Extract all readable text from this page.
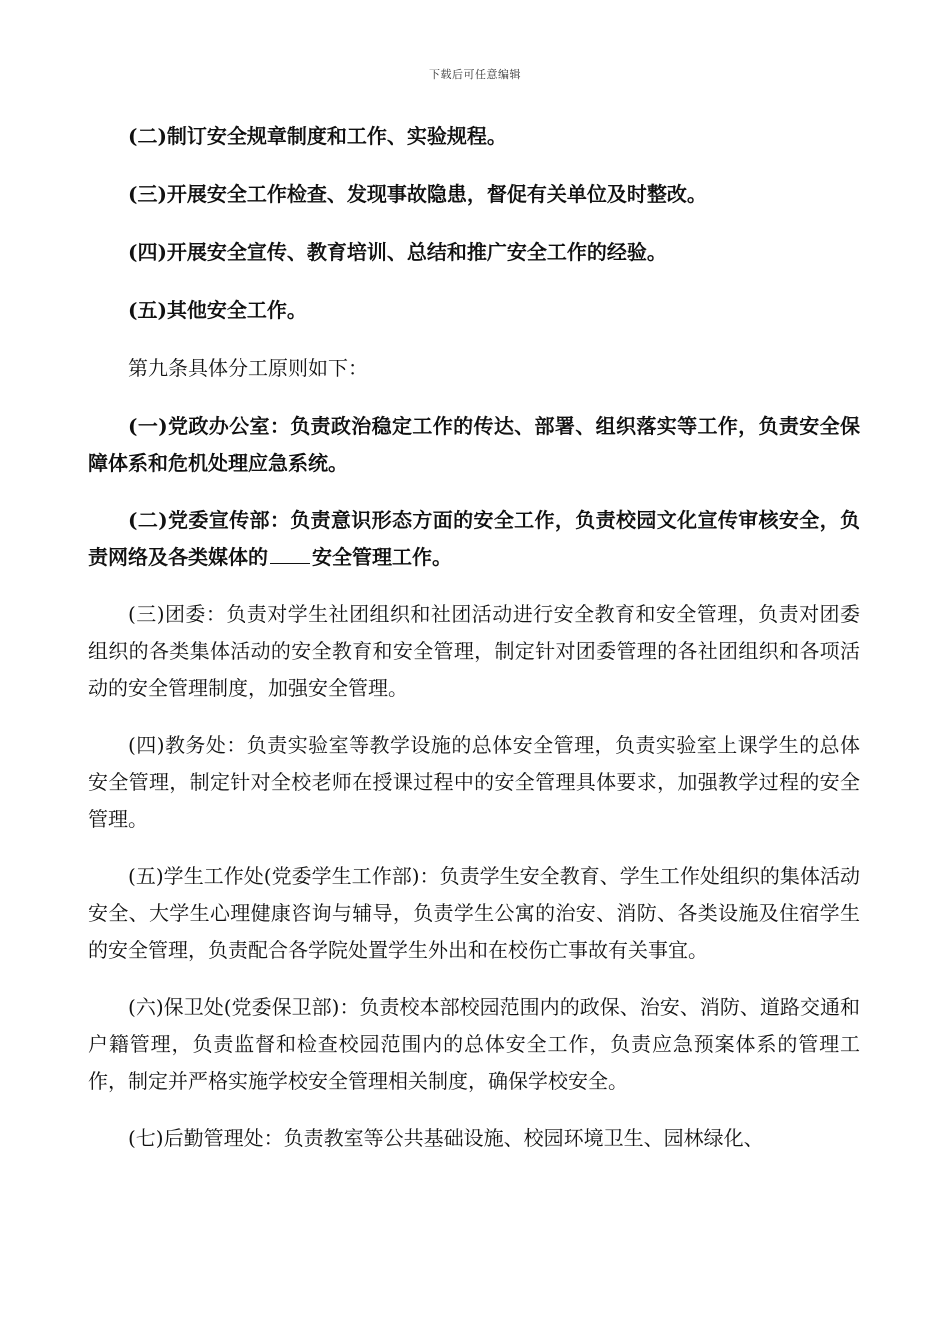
下载后可任意编辑

(二)制订安全规章制度和工作、实验规程。

(三)开展安全工作检查、发现事故隐患，督促有关单位及时整改。

(四)开展安全宣传、教育培训、总结和推广安全工作的经验。

(五)其他安全工作。

第九条具体分工原则如下：

(一)党政办公室：负责政治稳定工作的传达、部署、组织落实等工作，负责安全保障体系和危机处理应急系统。

(二)党委宣传部：负责意识形态方面的安全工作，负责校园文化宣传审核安全，负责网络及各类媒体的 安全管理工作。

(三)团委：负责对学生社团组织和社团活动进行安全教育和安全管理，负责对团委组织的各类集体活动的安全教育和安全管理，制定针对团委管理的各社团组织和各项活动的安全管理制度，加强安全管理。

(四)教务处：负责实验室等教学设施的总体安全管理，负责实验室上课学生的总体安全管理，制定针对全校老师在授课过程中的安全管理具体要求，加强教学过程的安全管理。

(五)学生工作处(党委学生工作部)：负责学生安全教育、学生工作处组织的集体活动安全、大学生心理健康咨询与辅导，负责学生公寓的治安、消防、各类设施及住宿学生的安全管理，负责配合各学院处置学生外出和在校伤亡事故有关事宜。

(六)保卫处(党委保卫部)：负责校本部校园范围内的政保、治安、消防、道路交通和户籍管理，负责监督和检查校园范围内的总体安全工作，负责应急预案体系的管理工作，制定并严格实施学校安全管理相关制度，确保学校安全。

(七)后勤管理处：负责教室等公共基础设施、校园环境卫生、园林绿化、
